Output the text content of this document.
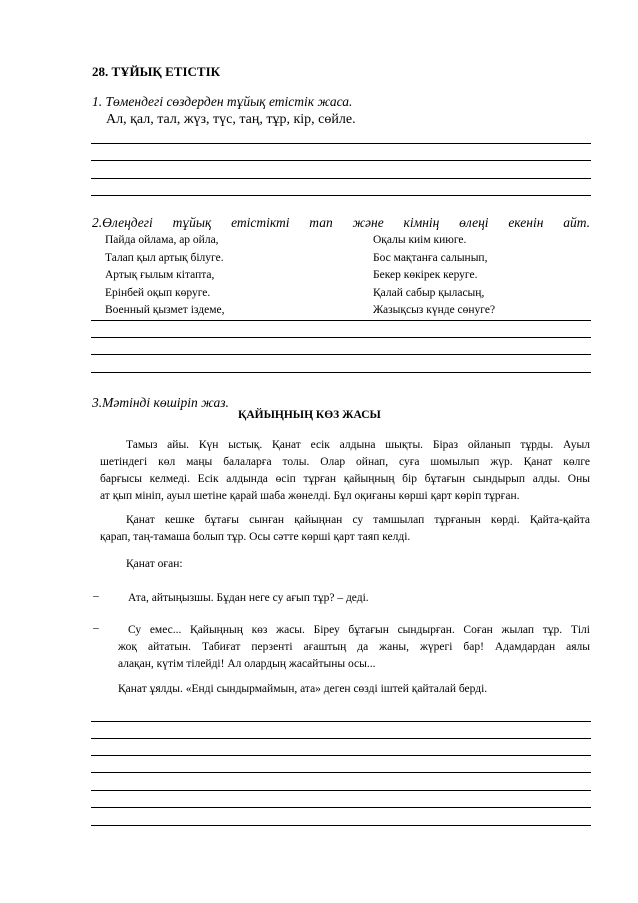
28. ТҰЙЫҚ ЕТІСТІК
1. Төмендегі сөздерден тұйық етістік жаса.
Ал, қал, тал, жүз, түс, таң, тұр, кір, сөйле.
2.Өлеңдегі тұйық етістікті тап және кімнің өлеңі екенін айт.
Пайда ойлама, ар ойла,
Талап қыл артық білуге.
Артық ғылым кітапта,
Ерінбей оқып көруге.
Военный қызмет іздеме,
Оқалы киім киюге.
Бос мақтанға салынып,
Бекер көкірек керуге.
Қалай сабыр қыласың,
Жазықсыз күнде сөнуге?
3.Мәтінді көшіріп жаз.
ҚАЙЫҢНЫҢ КӨЗ ЖАСЫ
Тамыз айы. Күн ыстық. Қанат есік алдына шықты. Біраз ойланып тұрды. Ауыл
шетіндегі көл маңы балаларға толы. Олар ойнап, суға шомылып жүр. Қанат көлге
барғысы келмеді. Есік алдында өсіп тұрған қайыңның бір бұтағын сындырып алды. Оны
ат қып мініп, ауыл шетіне қарай шаба жөнелді. Бұл оқиғаны көрші қарт көріп тұрған.
Қанат кешке бұтағы сынған қайыңнан су тамшылап тұрғанын көрді. Қайта-қайта
қарап, таң-тамаша болып тұр. Осы сәтте көрші қарт таяп келді.
Қанат оған:
–	Ата, айтыңызшы. Бұдан неге су ағып тұр? – деді.
–	Су емес... Қайыңның көз жасы. Біреу бұтағын сындырған. Соған жылап тұр. Тілі
жоқ айтатын. Табиғат перзенті ағаштың да жаны, жүрегі бар! Адамдардан аялы
алақан, күтім тілейді! Ал олардың жасайтыны осы...
Қанат ұялды. «Енді сындырмаймын, ата» деген сөзді іштей қайталай берді.
